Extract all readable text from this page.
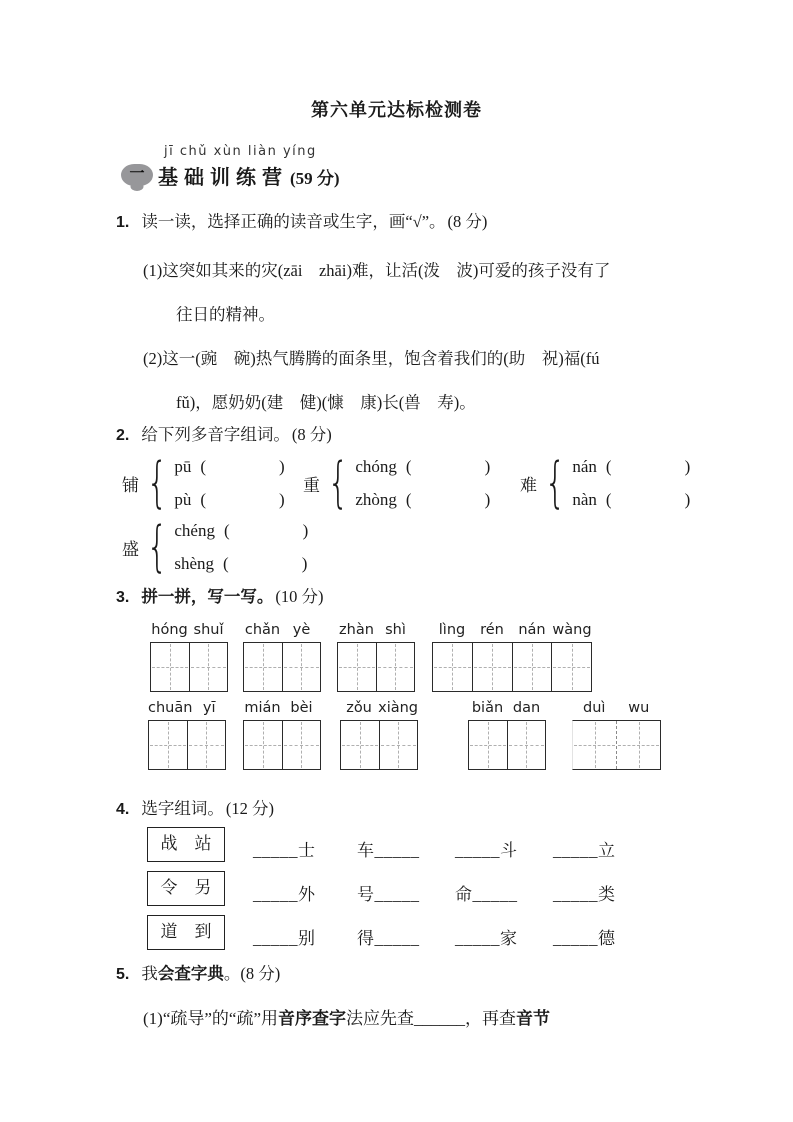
第六单元达标检测卷
一
jī chǔ xùn liàn yíng
基础训练营 (59 分)
1. 读一读，选择正确的读音或生字，画“√”。 (8 分)
(1)这突如其来的灾(zāi　zhāi)难，让活(泼　波)可爱的孩子没有了
往日的精神。
(2)这一(豌　碗)热气腾腾的面条里，饱含着我们的(助　祝)福(fú
fǔ)，愿奶奶(建　健)(慷　康)长(兽　寿)。
2. 给下列多音字组词。 (8 分)
铺 { pū (　　　　)
pù (　　　　)
重 { chóng (　　　　)
zhòng (　　　　)
难 { nán (　　　　)
nàn (　　　　)
盛 { chéng (　　　　)
shèng (　　　　)
3. 拼一拼，写一写。 (10 分)
hóng shuǐ	chǎn yè	zhàn shì	lìng	rén nán wàng
chuān yī	mián bèi	zǒu xiàng	biǎn dan	duì	wu
4. 选字组词。 (12 分)
战　站	_____士 车_____ _____斗 _____立
令　另	_____外 号_____ 命_____ _____类
道　到	_____别 得_____ _____家 _____德
5. 我会查字典。(8 分)
(1)“疏导”的“疏”用音序查字法应先查______，再查音节
